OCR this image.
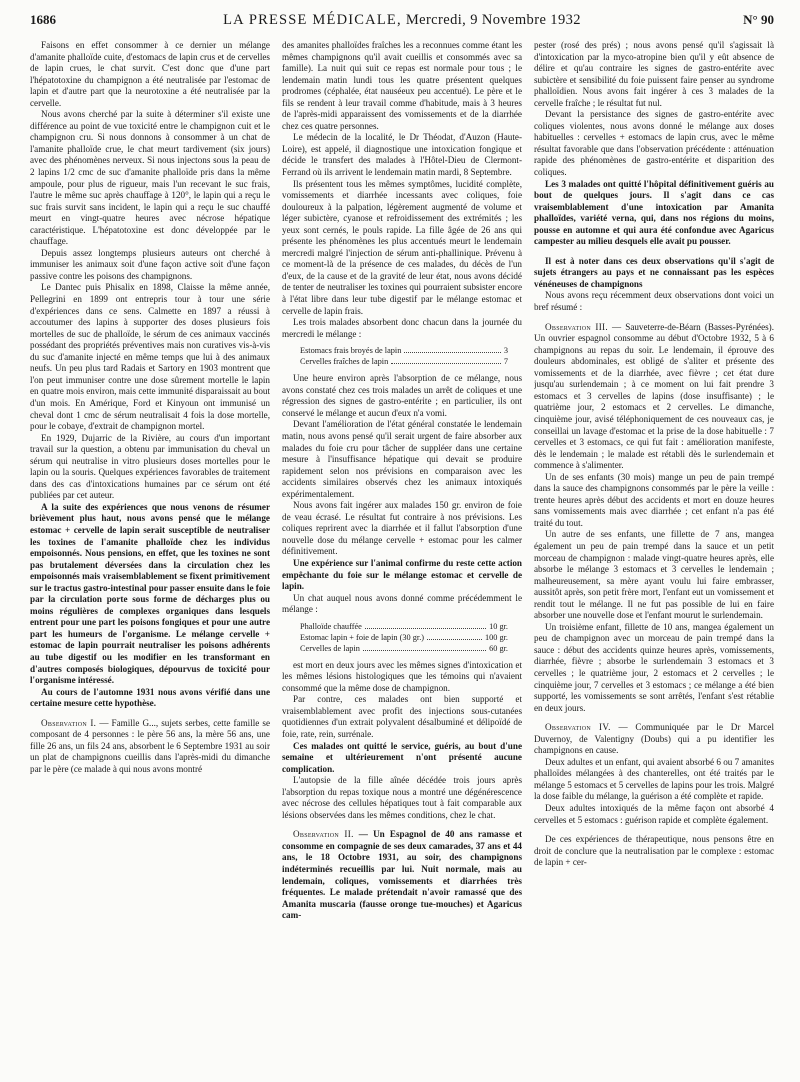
1686	LA PRESSE MÉDICALE, Mercredi, 9 Novembre 1932	N° 90

Faisons en effet consommer à ce dernier un mélange d'amanite phalloïde cuite, d'estomacs de lapin crus et de cervelles de lapin crues, le chat survit. C'est donc que d'une part l'hépatotoxine du champignon a été neutralisée par l'estomac de lapin et d'autre part que la neurotoxine a été neutralisée par la cervelle.

Nous avons cherché par la suite à déterminer s'il existe une différence au point de vue toxicité entre le champignon cuit et le champignon cru. Si nous donnons à consommer à un chat de l'amanite phalloïde crue, le chat meurt tardivement (six jours) avec des phénomènes nerveux. Si nous injectons sous la peau de 2 lapins 1/2 cmc de suc d'amanite phalloïde pris dans la même ampoule, pour plus de rigueur, mais l'un recevant le suc frais, l'autre le même suc après chauffage à 120°, le lapin qui a reçu le suc frais survit sans incident, le lapin qui a reçu le suc chauffé meurt en vingt-quatre heures avec nécrose hépatique caractéristique. L'hépatotoxine est donc développée par le chauffage.

Depuis assez longtemps plusieurs auteurs ont cherché à immuniser les animaux soit d'une façon active soit d'une façon passive contre les poisons des champignons.

Le Dantec puis Phisalix en 1898, Claisse la même année, Pellegrini en 1899 ont entrepris tour à tour une série d'expériences dans ce sens. Calmette en 1897 a réussi à accoutumer des lapins à supporter des doses plusieurs fois mortelles de suc de phalloïde, le sérum de ces animaux vaccinés possédant des propriétés préventives mais non curatives vis-à-vis du suc d'amanite injecté en même temps que lui à des animaux neufs. Un peu plus tard Radais et Sartory en 1903 montrent que l'on peut immuniser contre une dose sûrement mortelle le lapin en quatre mois environ, mais cette immunité disparaissait au bout d'un mois. En Amérique, Ford et Kinyoun ont immunisé un cheval dont 1 cmc de sérum neutralisait 4 fois la dose mortelle, pour le cobaye, d'extrait de champignon mortel.

En 1929, Dujarric de la Rivière, au cours d'un important travail sur la question, a obtenu par immunisation du cheval un sérum qui neutralise in vitro plusieurs doses mortelles pour le lapin ou la souris. Quelques expériences favorables de traitement dans des cas d'intoxications humaines par ce sérum ont été publiées par cet auteur.

A la suite des expériences que nous venons de résumer brièvement plus haut, nous avons pensé que le mélange estomac + cervelle de lapin serait susceptible de neutraliser les toxines de l'amanite phalloïde chez les individus empoisonnés. Nous pensions, en effet, que les toxines ne sont pas brutalement déversées dans la circulation chez les empoisonnés mais vraisemblablement se fixent primitivement sur le tractus gastro-intestinal pour passer ensuite dans le foie par la circulation porte sous forme de décharges plus ou moins régulières de complexes organiques dans lesquels entrent pour une part les poisons fongiques et pour une autre part les humeurs de l'organisme. Le mélange cervelle + estomac de lapin pourrait neutraliser les poisons adhérents au tube digestif ou les modifier en les transformant en d'autres composés biologiques, dépourvus de toxicité pour l'organisme intéressé.

Au cours de l'automne 1931 nous avons vérifié dans une certaine mesure cette hypothèse.

Observation I. — Famille G..., sujets serbes, cette famille se composant de 4 personnes : le père 56 ans, la mère 56 ans, une fille 26 ans, un fils 24 ans, absorbent le 6 Septembre 1931 au soir un plat de champignons cueillis dans l'après-midi du dimanche par le père (ce malade à qui nous avons montré

des amanites phalloïdes fraîches les a reconnues comme étant les mêmes champignons qu'il avait cueillis et consommés avec sa famille). La nuit qui suit ce repas est normale pour tous ; le lendemain matin lundi tous les quatre présentent quelques prodromes (céphalée, état nauséeux peu accentué). Le père et le fils se rendent à leur travail comme d'habitude, mais à 3 heures de l'après-midi apparaissent des vomissements et de la diarrhée chez ces quatre personnes.

Le médecin de la localité, le Dr Théodat, d'Auzon (Haute-Loire), est appelé, il diagnostique une intoxication fongique et décide le transfert des malades à l'Hôtel-Dieu de Clermont-Ferrand où ils arrivent le lendemain matin mardi, 8 Septembre.

Ils présentent tous les mêmes symptômes, lucidité complète, vomissements et diarrhée incessants avec coliques, foie douloureux à la palpation, légèrement augmenté de volume et léger subictère, cyanose et refroidissement des extrémités ; les yeux sont cernés, le pouls rapide. La fille âgée de 26 ans qui présente les phénomènes les plus accentués meurt le lendemain mercredi malgré l'injection de sérum anti-phallinique. Prévenu à ce moment-là de la présence de ces malades, du décès de l'un d'eux, de la cause et de la gravité de leur état, nous avons décidé de tenter de neutraliser les toxines qui pourraient subsister encore à l'état libre dans leur tube digestif par le mélange estomac et cervelle de lapin frais.

Les trois malades absorbent donc chacun dans la journée du mercredi le mélange :

Estomacs frais broyés de lapin	3
Cervelles fraîches de lapin	7

Une heure environ après l'absorption de ce mélange, nous avons constaté chez ces trois malades un arrêt de coliques et une régression des signes de gastro-entérite ; en particulier, ils ont conservé le mélange et aucun d'eux n'a vomi.

Devant l'amélioration de l'état général constatée le lendemain matin, nous avons pensé qu'il serait urgent de faire absorber aux malades du foie cru pour tâcher de suppléer dans une certaine mesure à l'insuffisance hépatique qui devait se produire rapidement selon nos prévisions en comparaison avec les accidents similaires observés chez les animaux intoxiqués expérimentalement.

Nous avons fait ingérer aux malades 150 gr. environ de foie de veau écrasé. Le résultat fut contraire à nos prévisions. Les coliques reprirent avec la diarrhée et il fallut l'absorption d'une nouvelle dose du mélange cervelle + estomac pour les calmer définitivement.

Une expérience sur l'animal confirme du reste cette action empêchante du foie sur le mélange estomac et cervelle de lapin.

Un chat auquel nous avons donné comme précédemment le mélange :

Phalloïde chauffée	10 gr.
Estomac lapin + foie de lapin (30 gr.)	100 gr.
Cervelles de lapin	60 gr.

est mort en deux jours avec les mêmes signes d'intoxication et les mêmes lésions histologiques que les témoins qui n'avaient consommé que la même dose de champignon.

Par contre, ces malades ont bien supporté et vraisemblablement avec profit des injections sous-cutanées quotidiennes d'un extrait polyvalent désalbuminé et délipoïdé de foie, rate, rein, surrénale.

Ces malades ont quitté le service, guéris, au bout d'une semaine et ultérieurement n'ont présenté aucune complication.

L'autopsie de la fille aînée décédée trois jours après l'absorption du repas toxique nous a montré une dégénérescence avec nécrose des cellules hépatiques tout à fait comparable aux lésions observées dans les mêmes conditions, chez le chat.

Observation II. — Un Espagnol de 40 ans ramasse et consomme en compagnie de ses deux camarades, 37 ans et 44 ans, le 18 Octobre 1931, au soir, des champignons indéterminés recueillis par lui. Nuit normale, mais au lendemain, coliques, vomissements et diarrhées très fréquentes. Le malade prétendait n'avoir ramassé que des Amanita muscaria (fausse oronge tue-mouches) et Agaricus cam-

pester (rosé des prés) ; nous avons pensé qu'il s'agissait là d'intoxication par la myco-atropine bien qu'il y eût absence de délire et qu'au contraire les signes de gastro-entérite avec subictère et sensibilité du foie puissent faire penser au syndrome phalloïdien. Nous avons fait ingérer à ces 3 malades de la cervelle fraîche ; le résultat fut nul.

Devant la persistance des signes de gastro-entérite avec coliques violentes, nous avons donné le mélange aux doses habituelles : cervelles + estomacs de lapin crus, avec le même résultat favorable que dans l'observation précédente : atténuation rapide des phénomènes de gastro-entérite et disparition des coliques.

Les 3 malades ont quitté l'hôpital définitivement guéris au bout de quelques jours. Il s'agit dans ce cas vraisemblablement d'une intoxication par Amanita phalloïdes, variété verna, qui, dans nos régions du moins, pousse en automne et qui aura été confondue avec Agaricus campester au milieu desquels elle avait pu pousser.

Il est à noter dans ces deux observations qu'il s'agit de sujets étrangers au pays et ne connaissant pas les espèces vénéneuses de champignons

Nous avons reçu récemment deux observations dont voici un bref résumé :

Observation III. — Sauveterre-de-Béarn (Basses-Pyrénées). Un ouvrier espagnol consomme au début d'Octobre 1932, 5 à 6 champignons au repas du soir. Le lendemain, il éprouve des douleurs abdominales, est obligé de s'aliter et présente des vomissements et de la diarrhée, avec fièvre ; cet état dure jusqu'au surlendemain ; à ce moment on lui fait prendre 3 estomacs et 3 cervelles de lapins (dose insuffisante) ; le quatrième jour, 2 estomacs et 2 cervelles. Le dimanche, cinquième jour, avisé téléphoniquement de ces nouveaux cas, je conseillai un lavage d'estomac et la prise de la dose habituelle : 7 cervelles et 3 estomacs, ce qui fut fait : amélioration manifeste, dès le lendemain ; le malade est rétabli dès le surlendemain et commence à s'alimenter.

Un de ses enfants (30 mois) mange un peu de pain trempé dans la sauce des champignons consommés par le père la veille : trente heures après début des accidents et mort en douze heures sans vomissements mais avec diarrhée ; cet enfant n'a pas été traité du tout.

Un autre de ses enfants, une fillette de 7 ans, mangea également un peu de pain trempé dans la sauce et un petit morceau de champignon : malade vingt-quatre heures après, elle absorbe le mélange 3 estomacs et 3 cervelles le lendemain ; malheureusement, sa mère ayant voulu lui faire embrasser, aussitôt après, son petit frère mort, l'enfant eut un vomissement et rendit tout le mélange. Il ne fut pas possible de lui en faire absorber une nouvelle dose et l'enfant mourut le surlendemain.

Un troisième enfant, fillette de 10 ans, mangea également un peu de champignon avec un morceau de pain trempé dans la sauce : début des accidents quinze heures après, vomissements, diarrhée, fièvre ; absorbe le surlendemain 3 estomacs et 3 cervelles ; le quatrième jour, 2 estomacs et 2 cervelles ; le cinquième jour, 7 cervelles et 3 estomacs ; ce mélange a été bien supporté, les vomissements se sont arrêtés, l'enfant s'est rétablie en deux jours.

Observation IV. — Communiquée par le Dr Marcel Duvernoy, de Valentigny (Doubs) qui a pu identifier les champignons en cause.

Deux adultes et un enfant, qui avaient absorbé 6 ou 7 amanites phalloïdes mélangées à des chanterelles, ont été traités par le mélange 5 estomacs et 5 cervelles de lapins pour les trois. Malgré la dose faible du mélange, la guérison a été complète et rapide.

Deux adultes intoxiqués de la même façon ont absorbé 4 cervelles et 5 estomacs : guérison rapide et complète également.

De ces expériences de thérapeutique, nous pensons être en droit de conclure que la neutralisation par le complexe : estomac de lapin + cer-
